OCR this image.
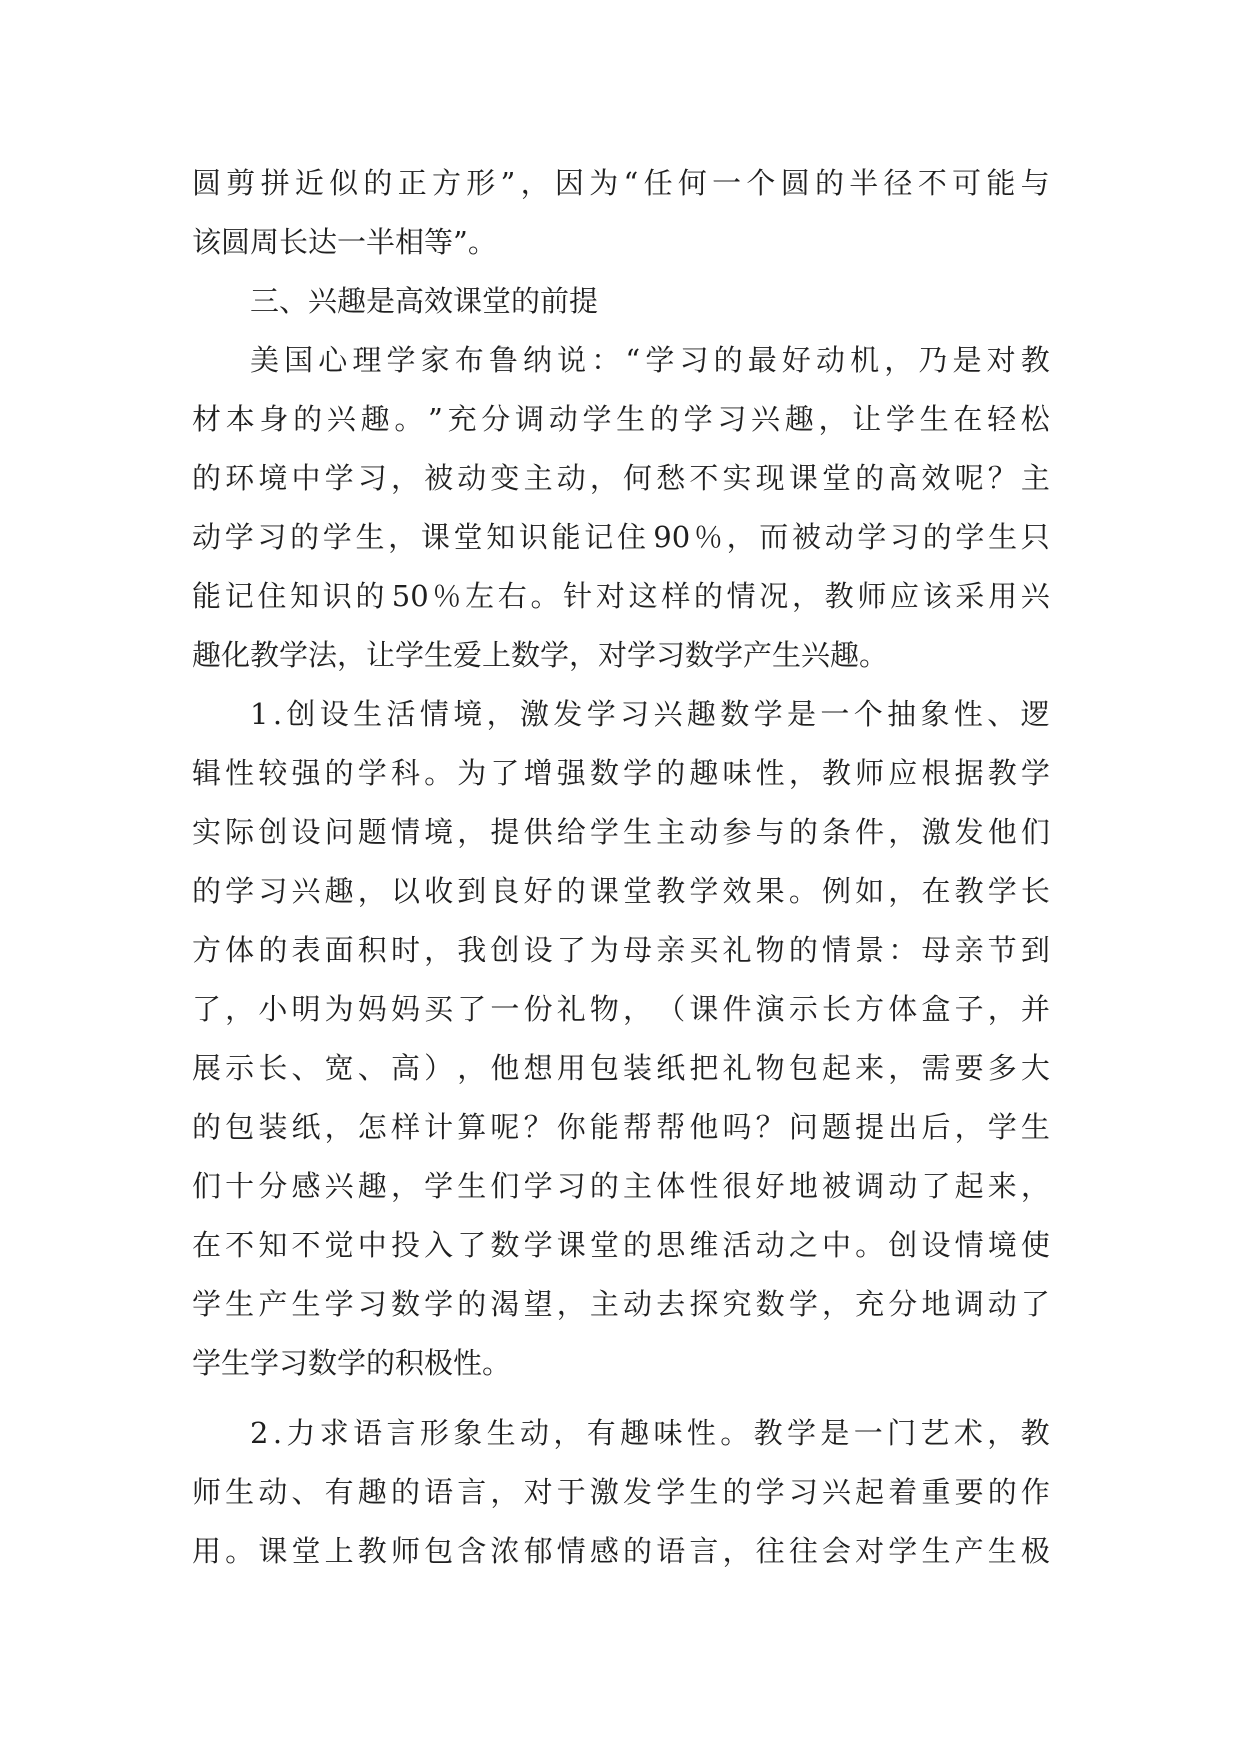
圆 剪 拼 近 似 的 正 方 形 ” ， 因 为 “ 任 何 一 个 圆 的 半 径 不 可 能 与
该圆周长达一半相等”。
三、兴趣是高效课堂的前提
美 国 心 理 学 家 布 鲁 纳 说 ： “ 学 习 的 最 好 动 机 ， 乃 是 对 教
材 本 身 的 兴 趣 。 ” 充 分 调 动 学 生 的 学 习 兴 趣 ， 让 学 生 在 轻 松
的 环 境 中 学 习 ， 被 动 变 主 动 ， 何 愁 不 实 现 课 堂 的 高 效 呢 ？ 主
动 学 习 的 学 生 ， 课 堂 知 识 能 记 住 90 ％ ， 而 被 动 学 习 的 学 生 只
能 记 住 知 识 的 50 ％ 左 右 。 针 对 这 样 的 情 况 ， 教 师 应 该 采 用 兴
趣化教学法，让学生爱上数学，对学习数学产生兴趣。
1 . 创 设 生 活 情 境 ， 激 发 学 习 兴 趣 数 学 是 一 个 抽 象 性 、 逻
辑 性 较 强 的 学 科 。 为 了 增 强 数 学 的 趣 味 性 ， 教 师 应 根 据 教 学
实 际 创 设 问 题 情 境 ， 提 供 给 学 生 主 动 参 与 的 条 件 ， 激 发 他 们
的 学 习 兴 趣 ， 以 收 到 良 好 的 课 堂 教 学 效 果 。 例 如 ， 在 教 学 长
方 体 的 表 面 积 时 ， 我 创 设 了 为 母 亲 买 礼 物 的 情 景 ： 母 亲 节 到
了 ， 小 明 为 妈 妈 买 了 一 份 礼 物 ， （ 课 件 演 示 长 方 体 盒 子 ， 并
展 示 长 、 宽 、 高 ） ， 他 想 用 包 装 纸 把 礼 物 包 起 来 ， 需 要 多 大
的 包 装 纸 ， 怎 样 计 算 呢 ？ 你 能 帮 帮 他 吗 ？ 问 题 提 出 后 ， 学 生
们 十 分 感 兴 趣 ， 学 生 们 学 习 的 主 体 性 很 好 地 被 调 动 了 起 来 ，
在 不 知 不 觉 中 投 入 了 数 学 课 堂 的 思 维 活 动 之 中 。 创 设 情 境 使
学 生 产 生 学 习 数 学 的 渴 望 ， 主 动 去 探 究 数 学 ， 充 分 地 调 动 了
学生学习数学的积极性。
2 . 力 求 语 言 形 象 生 动 ， 有 趣 味 性 。 教 学 是 一 门 艺 术 ， 教
师 生 动 、 有 趣 的 语 言 ， 对 于 激 发 学 生 的 学 习 兴 起 着 重 要 的 作
用 。 课 堂 上 教 师 包 含 浓 郁 情 感 的 语 言 ， 往 往 会 对 学 生 产 生 极
